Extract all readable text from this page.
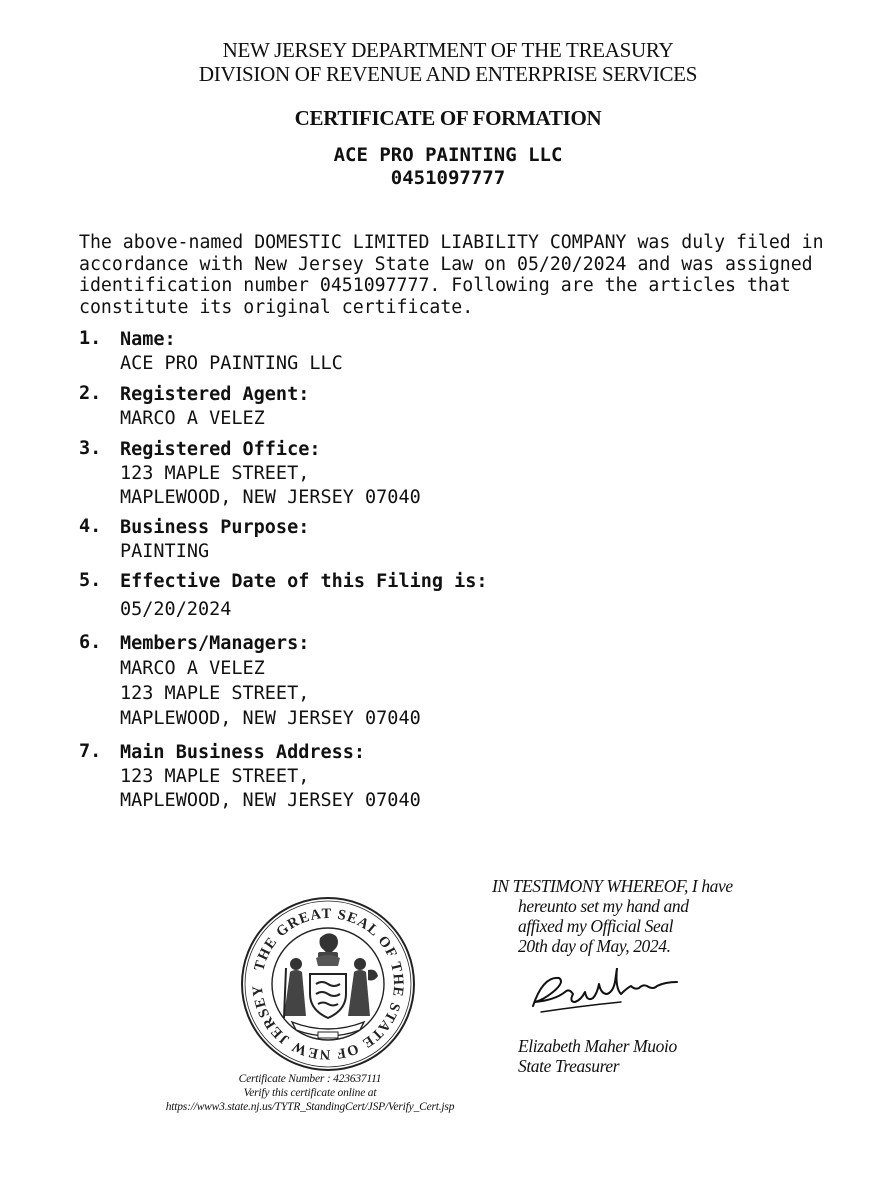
NEW JERSEY DEPARTMENT OF THE TREASURY
DIVISION OF REVENUE AND ENTERPRISE SERVICES
CERTIFICATE OF FORMATION
ACE PRO PAINTING LLC
0451097777
The above-named DOMESTIC LIMITED LIABILITY COMPANY was duly filed in
accordance with New Jersey State Law on 05/20/2024 and was assigned
identification number 0451097777. Following are the articles that
constitute its original certificate.
1. Name:
ACE PRO PAINTING LLC
2. Registered Agent:
MARCO A VELEZ
3. Registered Office:
123 MAPLE STREET,
MAPLEWOOD, NEW JERSEY 07040
4. Business Purpose:
PAINTING
5. Effective Date of this Filing is:
05/20/2024
6. Members/Managers:
MARCO A VELEZ
123 MAPLE STREET,
MAPLEWOOD, NEW JERSEY 07040
7. Main Business Address:
123 MAPLE STREET,
MAPLEWOOD, NEW JERSEY 07040
THE GREAT SEAL OF THE STATE OF NEW JERSEY
Certificate Number : 423637111
Verify this certificate online at
https://www3.state.nj.us/TYTR_StandingCert/JSP/Verify_Cert.jsp
IN TESTIMONY WHEREOF, I have
hereunto set my hand and
affixed my Official Seal
20th day of May, 2024.
Elizabeth Maher Muoio
State Treasurer
